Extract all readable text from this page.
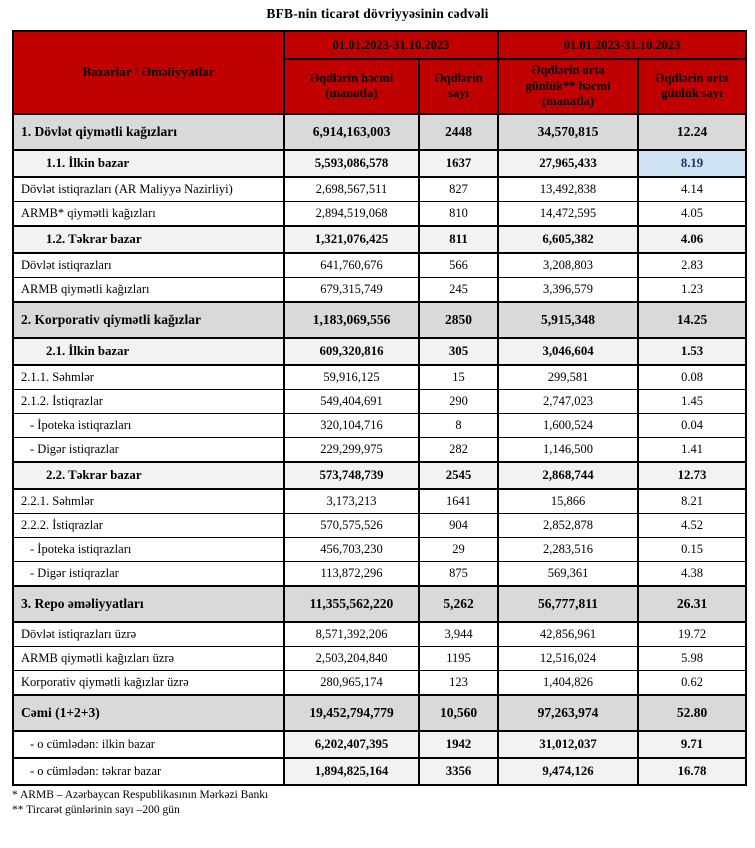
BFB-nin ticarət dövriyyəsinin cədvəli
Bazarlar / Əməliyyatlar	01.01.2023-31.10.2023		01.01.2023-31.10.2023	
	Əqdlərin həcmi (manatla)	Əqdlərin sayı	Əqdlərin orta günlük** həcmi (manatla)	Əqdlərin orta günlük sayı
1. Dövlət qiymətli kağızları	6,914,163,003	2448	34,570,815	12.24
1.1. İlkin bazar	5,593,086,578	1637	27,965,433	8.19
Dövlət istiqrazları (AR Maliyyə Nazirliyi)	2,698,567,511	827	13,492,838	4.14
ARMB* qiymətli kağızları	2,894,519,068	810	14,472,595	4.05
1.2. Təkrar bazar	1,321,076,425	811	6,605,382	4.06
Dövlət istiqrazları	641,760,676	566	3,208,803	2.83
ARMB qiymətli kağızları	679,315,749	245	3,396,579	1.23
2. Korporativ qiymətli kağızlar	1,183,069,556	2850	5,915,348	14.25
2.1. İlkin bazar	609,320,816	305	3,046,604	1.53
2.1.1. Səhmlər	59,916,125	15	299,581	0.08
2.1.2. İstiqrazlar	549,404,691	290	2,747,023	1.45
- İpoteka istiqrazları	320,104,716	8	1,600,524	0.04
- Digər istiqrazlar	229,299,975	282	1,146,500	1.41
2.2. Təkrar bazar	573,748,739	2545	2,868,744	12.73
2.2.1. Səhmlər	3,173,213	1641	15,866	8.21
2.2.2. İstiqrazlar	570,575,526	904	2,852,878	4.52
- İpoteka istiqrazları	456,703,230	29	2,283,516	0.15
- Digər istiqrazlar	113,872,296	875	569,361	4.38
3. Repo əməliyyatları	11,355,562,220	5,262	56,777,811	26.31
Dövlət istiqrazları üzrə	8,571,392,206	3,944	42,856,961	19.72
ARMB qiymətli kağızları üzrə	2,503,204,840	1195	12,516,024	5.98
Korporativ qiymətli kağızlar üzrə	280,965,174	123	1,404,826	0.62
Cəmi (1+2+3)	19,452,794,779	10,560	97,263,974	52.80
- o cümlədən: ilkin bazar	6,202,407,395	1942	31,012,037	9.71
- o cümlədən: təkrar bazar	1,894,825,164	3356	9,474,126	16.78
* ARMB – Azərbaycan Respublikasının Mərkəzi Bankı
** Tircarət günlərinin sayı –200 gün
